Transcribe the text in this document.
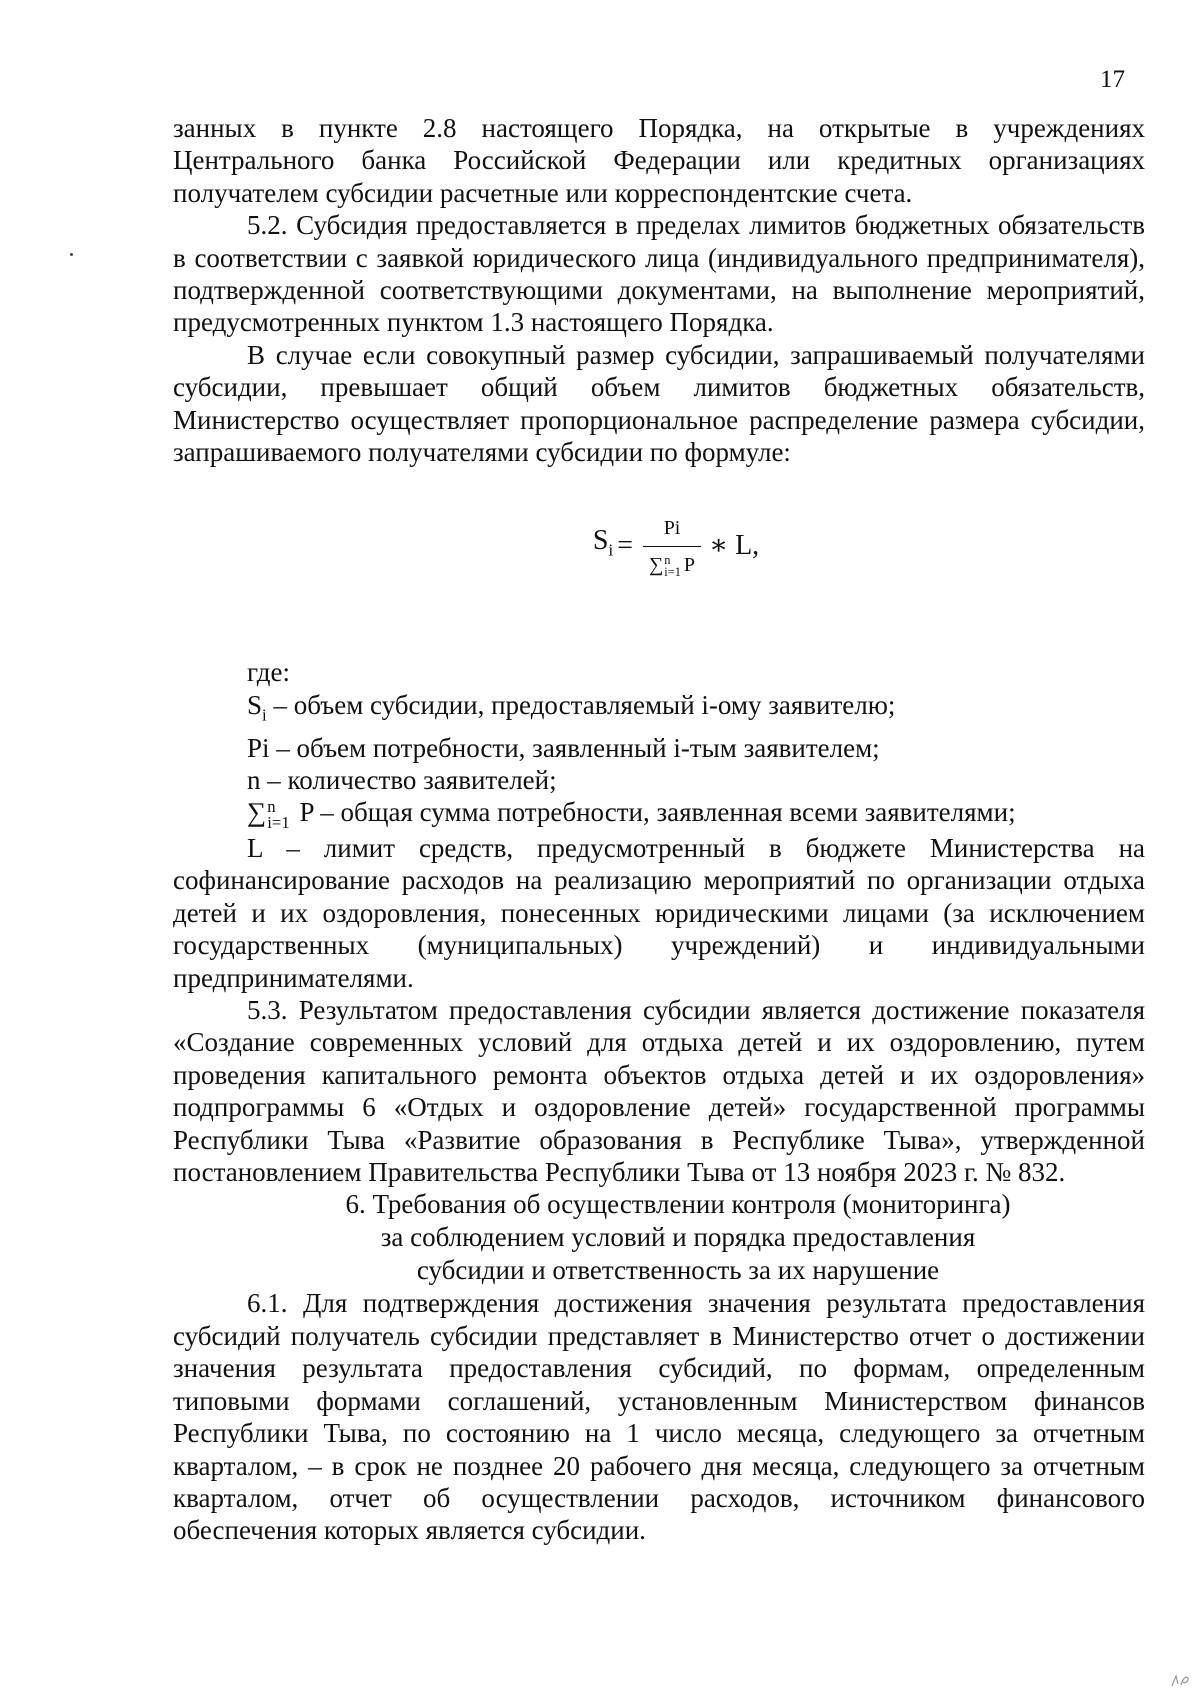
17

занных в пункте 2.8 настоящего Порядка, на открытые в учреждениях Центрального банка Российской Федерации или кредитных организациях получателем субсидии расчетные или корреспондентские счета.

5.2. Субсидия предоставляется в пределах лимитов бюджетных обязательств в соответствии с заявкой юридического лица (индивидуального предпринимателя), подтвержденной соответствующими документами, на выполнение мероприятий, предусмотренных пунктом 1.3 настоящего Порядка.

В случае если совокупный размер субсидии, запрашиваемый получателями субсидии, превышает общий объем лимитов бюджетных обязательств, Министерство осуществляет пропорциональное распределение размера субсидии, запрашиваемого получателями субсидии по формуле:

$S_i = Pi$
∑ n
i=1 P ∗ L,

где:

$S_i$ – объем субсидии, предоставляемый i-ому заявителю;

Pi – объем потребности, заявленный i-тым заявителем;

n – количество заявителей;

∑ n
i=1 P – общая сумма потребности, заявленная всеми заявителями;

L – лимит средств, предусмотренный в бюджете Министерства на софинансирование расходов на реализацию мероприятий по организации отдыха детей и их оздоровления, понесенных юридическими лицами (за исключением государственных (муниципальных) учреждений) и индивидуальными предпринимателями.

5.3. Результатом предоставления субсидии является достижение показателя «Создание современных условий для отдыха детей и их оздоровлению, путем проведения капитального ремонта объектов отдыха детей и их оздоровления» подпрограммы 6 «Отдых и оздоровление детей» государственной программы Республики Тыва «Развитие образования в Республике Тыва», утвержденной постановлением Правительства Республики Тыва от 13 ноября 2023 г. № 832.

6. Требования об осуществлении контроля (мониторинга)
за соблюдением условий и порядка предоставления
субсидии и ответственность за их нарушение

6.1. Для подтверждения достижения значения результата предоставления субсидий получатель субсидии представляет в Министерство отчет о достижении значения результата предоставления субсидий, по формам, определенным типовыми формами соглашений, установленным Министерством финансов Республики Тыва, по состоянию на 1 число месяца, следующего за отчетным кварталом, – в срок не позднее 20 рабочего дня месяца, следующего за отчетным кварталом, отчет об осуществлении расходов, источником финансового обеспечения которых является субсидии.
